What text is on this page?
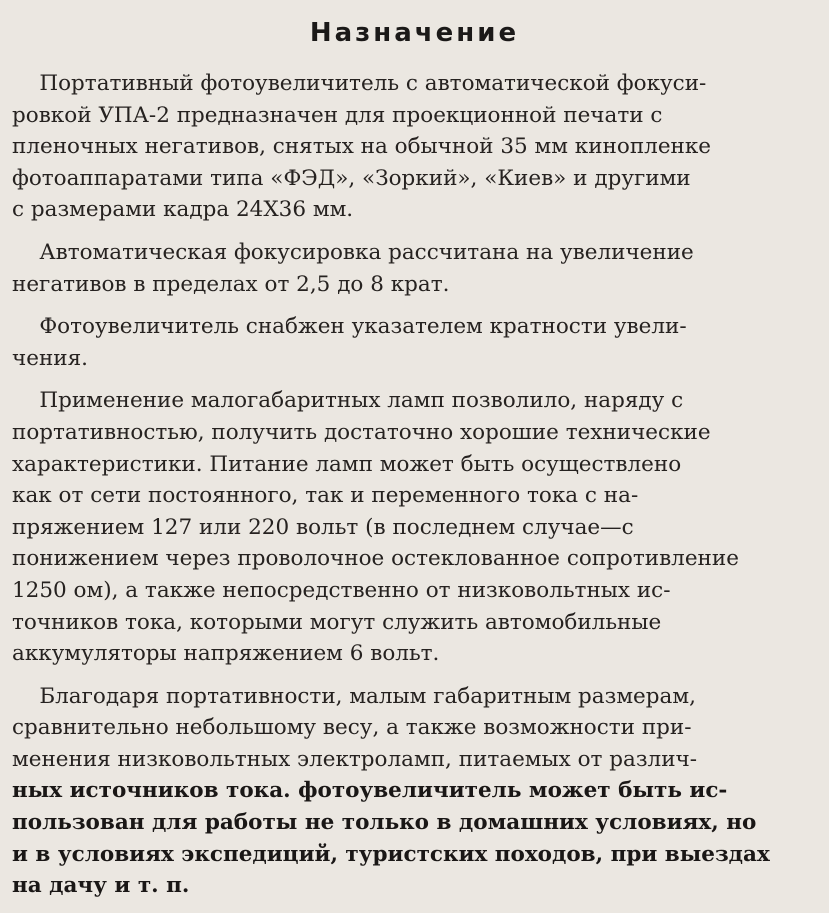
Назначение

Портативный фотоувеличитель с автоматической фокуси-
ровкой УПА-2 предназначен для проекционной печати с
пленочных негативов, снятых на обычной 35 мм кинопленке
фотоаппаратами типа «ФЭД», «Зоркий», «Киев» и другими
с размерами кадра 24Х36 мм.

Автоматическая фокусировка рассчитана на увеличение
негативов в пределах от 2,5 до 8 крат.

Фотоувеличитель снабжен указателем кратности увели-
чения.

Применение малогабаритных ламп позволило, наряду с
портативностью, получить достаточно хорошие технические
характеристики. Питание ламп может быть осуществлено
как от сети постоянного, так и переменного тока с на-
пряжением 127 или 220 вольт (в последнем случае—с
понижением через проволочное остеклованное сопротивление
1250 ом), а также непосредственно от низковольтных ис-
точников тока, которыми могут служить автомобильные
аккумуляторы напряжением 6 вольт.

Благодаря портативности, малым габаритным размерам,
сравнительно небольшому весу, а также возможности при-
менения низковольтных электроламп, питаемых от различ-
ных источников тока. фотоувеличитель может быть ис-
пользован для работы не только в домашних условиях, но
и в условиях экспедиций, туристских походов, при выездах
на дачу и т. п.
